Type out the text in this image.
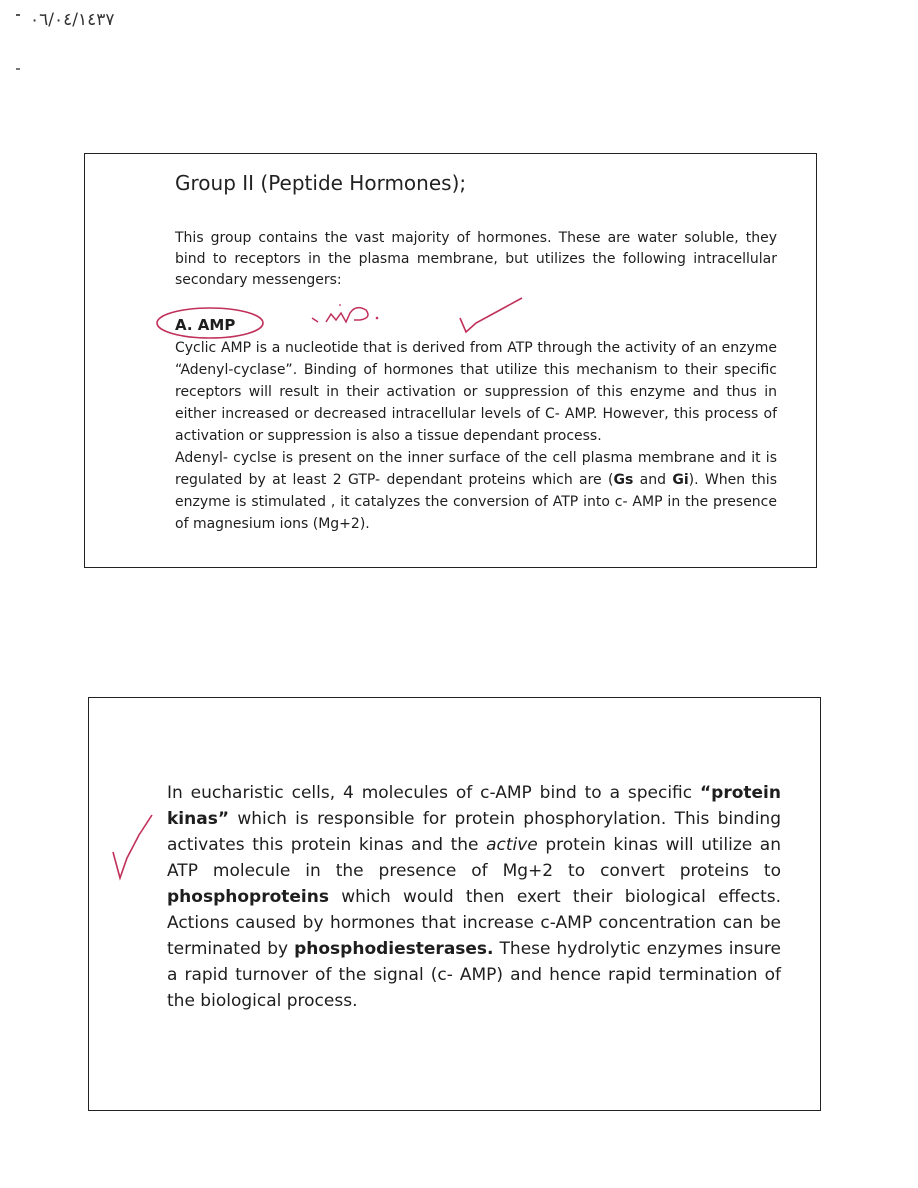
٠٦/٠٤/١٤٣٧
Group II (Peptide Hormones);

This group contains the vast majority of hormones. These are water soluble, they bind to receptors in the plasma membrane, but utilizes the following intracellular secondary messengers:

A. AMP

Cyclic AMP is a nucleotide that is derived from ATP through the activity of an enzyme “Adenyl-cyclase”. Binding of hormones that utilize this mechanism to their specific receptors will result in their activation or suppression of this enzyme and thus in either increased or decreased intracellular levels of C- AMP. However, this process of activation or suppression is also a tissue dependant process.

Adenyl- cyclse is present on the inner surface of the cell plasma membrane and it is regulated by at least 2 GTP- dependant proteins which are (Gs and Gi). When this enzyme is stimulated , it catalyzes the conversion of ATP into c- AMP in the presence of magnesium ions (Mg+2).

In eucharistic cells, 4 molecules of c-AMP bind to a specific “protein kinas” which is responsible for protein phosphorylation. This binding activates this protein kinas and the active protein kinas will utilize an ATP molecule in the presence of Mg+2 to convert proteins to phosphoproteins which would then exert their biological effects. Actions caused by hormones that increase c-AMP concentration can be terminated by phosphodiesterases. These hydrolytic enzymes insure a rapid turnover of the signal (c- AMP) and hence rapid termination of the biological process.
